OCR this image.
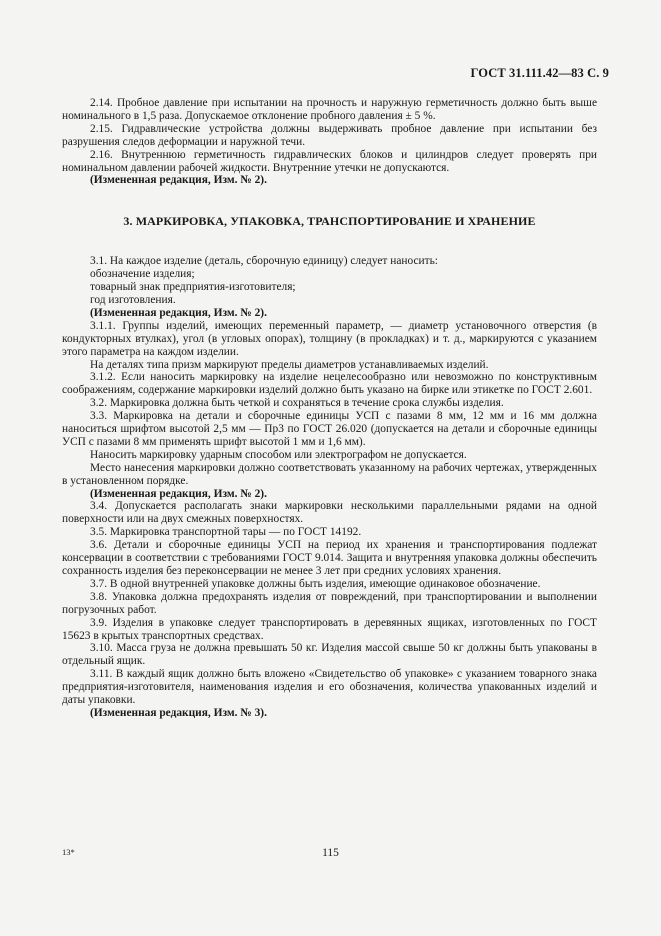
ГОСТ 31.111.42—83 С. 9

2.14. Пробное давление при испытании на прочность и наружную герметичность должно быть выше номинального в 1,5 раза. Допускаемое отклонение пробного давления ± 5 %.

2.15. Гидравлические устройства должны выдерживать пробное давление при испытании без разрушения следов деформации и наружной течи.

2.16. Внутреннюю герметичность гидравлических блоков и цилиндров следует проверять при номинальном давлении рабочей жидкости. Внутренние утечки не допускаются.

(Измененная редакция, Изм. № 2).

3. МАРКИРОВКА, УПАКОВКА, ТРАНСПОРТИРОВАНИЕ И ХРАНЕНИЕ

3.1. На каждое изделие (деталь, сборочную единицу) следует наносить:

обозначение изделия;

товарный знак предприятия-изготовителя;

год изготовления.

(Измененная редакция, Изм. № 2).

3.1.1. Группы изделий, имеющих переменный параметр, — диаметр установочного отверстия (в кондукторных втулках), угол (в угловых опорах), толщину (в прокладках) и т. д., маркируются с указанием этого параметра на каждом изделии.

На деталях типа призм маркируют пределы диаметров устанавливаемых изделий.

3.1.2. Если наносить маркировку на изделие нецелесообразно или невозможно по конструктивным соображениям, содержание маркировки изделий должно быть указано на бирке или этикетке по ГОСТ 2.601.

3.2. Маркировка должна быть четкой и сохраняться в течение срока службы изделия.

3.3. Маркировка на детали и сборочные единицы УСП с пазами 8 мм, 12 мм и 16 мм должна наноситься шрифтом высотой 2,5 мм — Пр3 по ГОСТ 26.020 (допускается на детали и сборочные единицы УСП с пазами 8 мм применять шрифт высотой 1 мм и 1,6 мм).

Наносить маркировку ударным способом или электрографом не допускается.

Место нанесения маркировки должно соответствовать указанному на рабочих чертежах, утвержденных в установленном порядке.

(Измененная редакция, Изм. № 2).

3.4. Допускается располагать знаки маркировки несколькими параллельными рядами на одной поверхности или на двух смежных поверхностях.

3.5. Маркировка транспортной тары — по ГОСТ 14192.

3.6. Детали и сборочные единицы УСП на период их хранения и транспортирования подлежат консервации в соответствии с требованиями ГОСТ 9.014. Защита и внутренняя упаковка должны обеспечить сохранность изделия без переконсервации не менее 3 лет при средних условиях хранения.

3.7. В одной внутренней упаковке должны быть изделия, имеющие одинаковое обозначение.

3.8. Упаковка должна предохранять изделия от повреждений, при транспортировании и выполнении погрузочных работ.

3.9. Изделия в упаковке следует транспортировать в деревянных ящиках, изготовленных по ГОСТ 15623 в крытых транспортных средствах.

3.10. Масса груза не должна превышать 50 кг. Изделия массой свыше 50 кг должны быть упакованы в отдельный ящик.

3.11. В каждый ящик должно быть вложено «Свидетельство об упаковке» с указанием товарного знака предприятия-изготовителя, наименования изделия и его обозначения, количества упакованных изделий и даты упаковки.

(Измененная редакция, Изм. № 3).

13*	115
